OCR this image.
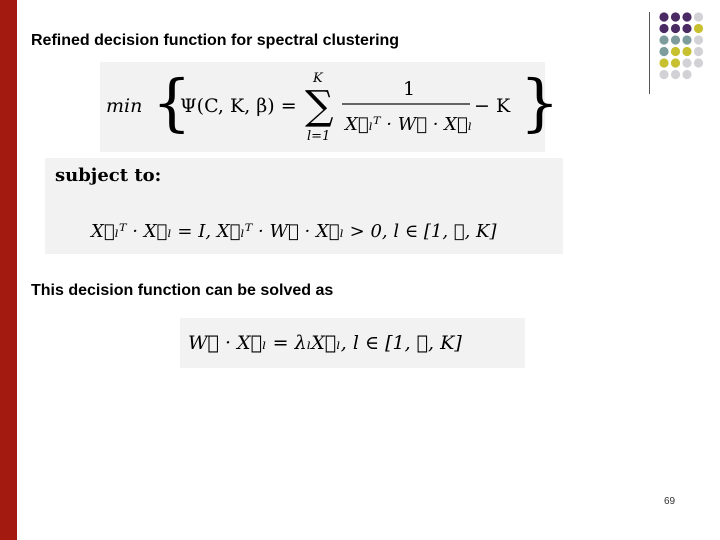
Refined decision function for spectral clustering
min {
Ψ(C, K, β) =
K
∑
l=1
1
X⃗ₗᵀ · W⃗ · X⃗ₗ
− K }
subject to:
X⃗ₗᵀ · X⃗ₗ = I, X⃗ₗᵀ · W⃗ · X⃗ₗ > 0, l ∈ [1, ⋯, K]
This decision function can be solved as
W⃗ · X⃗ₗ = λₗX⃗ₗ, l ∈ [1, ⋯, K]
69
